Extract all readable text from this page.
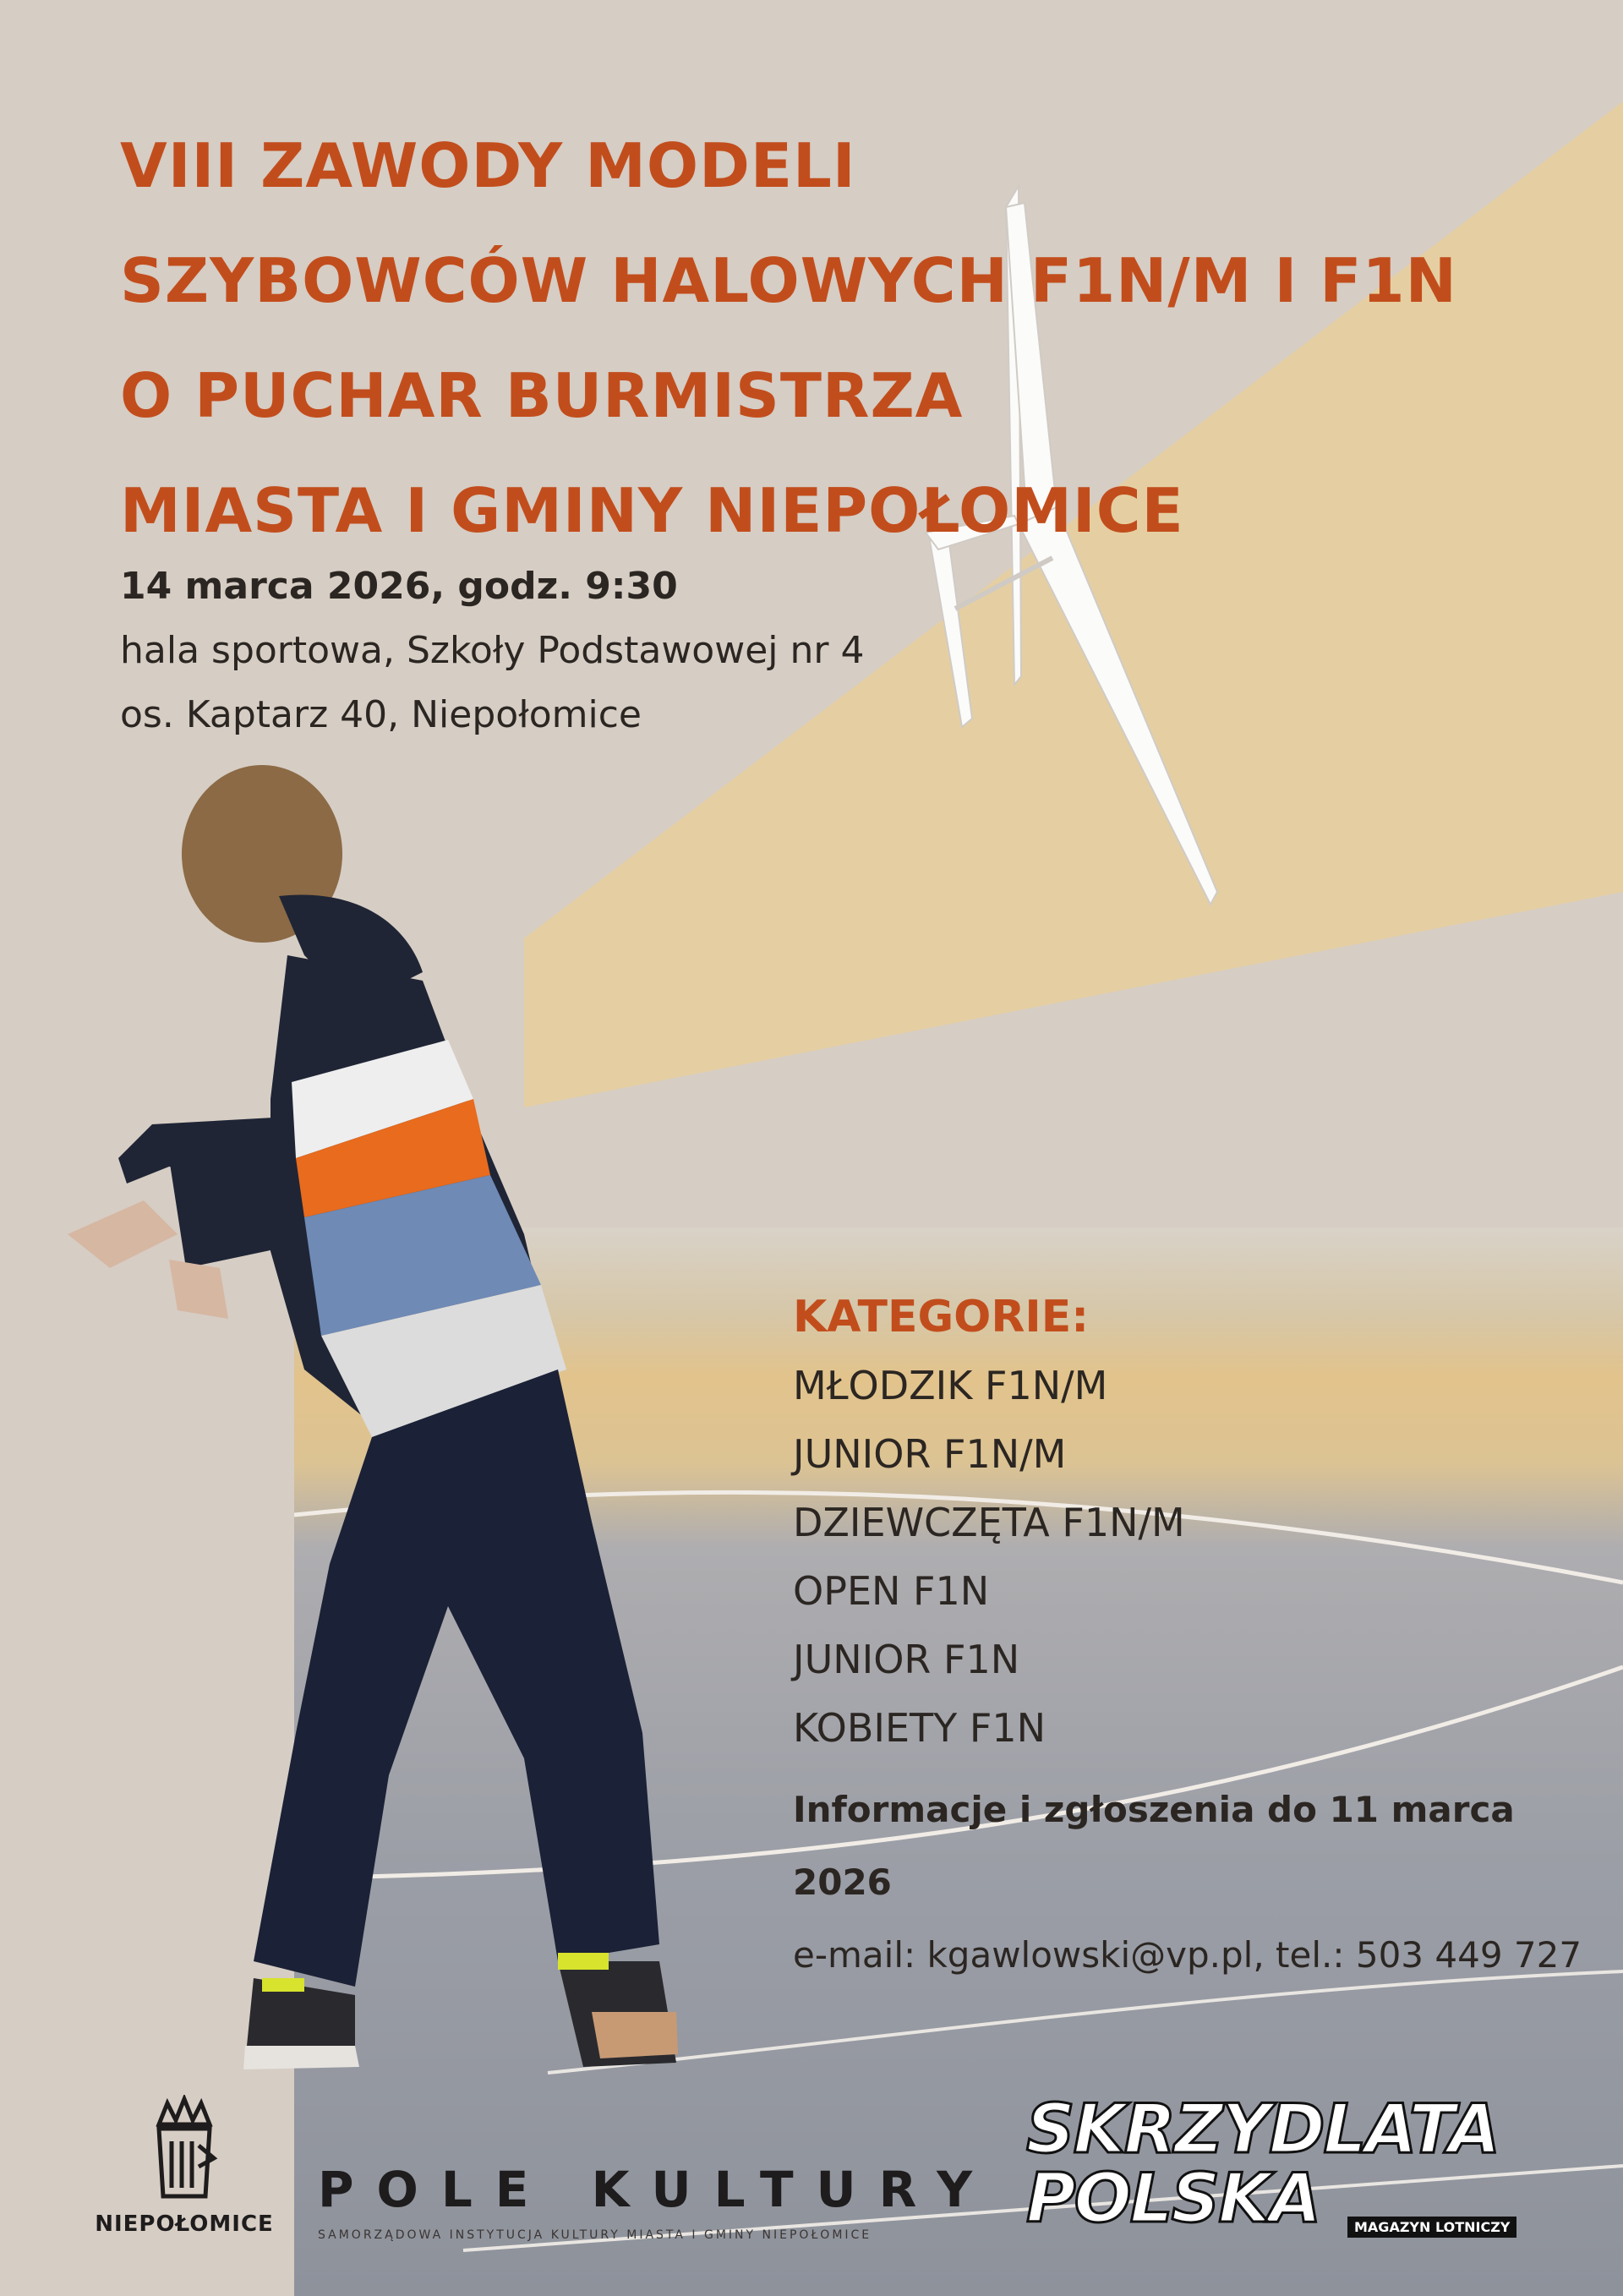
VIII ZAWODY MODELI
SZYBOWCÓW HALOWYCH F1N/M I F1N
O PUCHAR BURMISTRZA
MIASTA I GMINY NIEPOŁOMICE
14 marca 2026, godz. 9:30
hala sportowa, Szkoły Podstawowej nr 4
os. Kaptarz 40, Niepołomice
KATEGORIE:
MŁODZIK F1N/M
JUNIOR F1N/M
DZIEWCZĘTA F1N/M
OPEN F1N
JUNIOR F1N
KOBIETY F1N
Informacje i zgłoszenia do 11 marca 2026
e-mail: kgawlowski@vp.pl, tel.: 503 449 727
NIEPOŁOMICE
POLE KULTURY
SAMORZĄDOWA INSTYTUCJA KULTURY MIASTA I GMINY NIEPOŁOMICE
SKRZYDLATA
POLSKA	MAGAZYN LOTNICZY
